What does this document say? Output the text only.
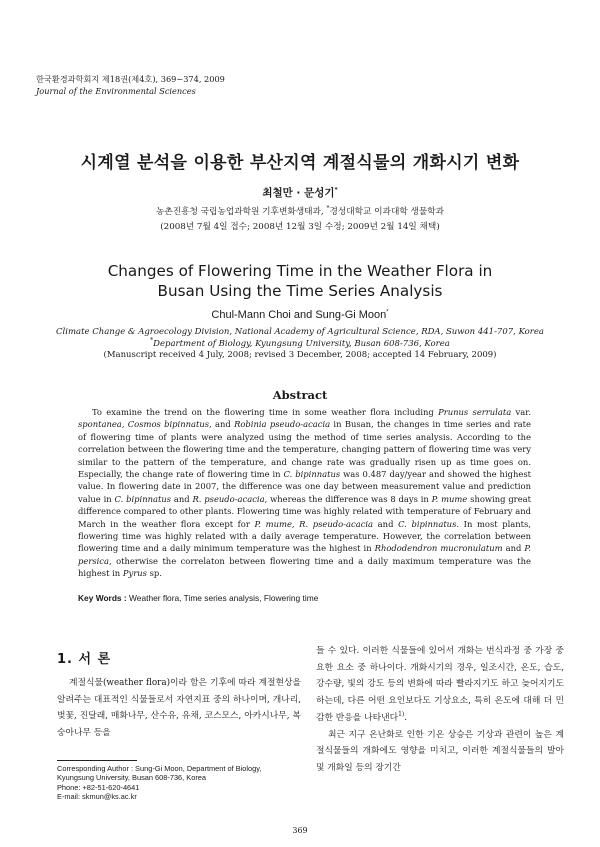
한국환경과학회지 제18권(제4호), 369∼374, 2009
Journal of the Environmental Sciences
시계열 분석을 이용한 부산지역 계절식물의 개화시기 변화
최철만 · 문성기*
농촌진흥청 국립농업과학원 기후변화생태과, *경성대학교 이과대학 생물학과
(2008년 7월 4일 접수; 2008년 12월 3일 수정; 2009년 2월 14일 채택)
Changes of Flowering Time in the Weather Flora in
Busan Using the Time Series Analysis
Chul-Mann Choi and Sung-Gi Moon*
Climate Change & Agroecology Division, National Academy of Agricultural Science, RDA, Suwon 441-707, Korea
*Department of Biology, Kyungsung University, Busan 608-736, Korea
(Manuscript received 4 July, 2008; revised 3 December, 2008; accepted 14 February, 2009)
Abstract

To examine the trend on the flowering time in some weather flora including Prunus serrulata var. spontanea, Cosmos bipinnatus, and Robinia pseudo-acacia in Busan, the changes in time series and rate of flowering time of plants were analyzed using the method of time series analysis. According to the correlation between the flowering time and the temperature, changing pattern of flowering time was very similar to the pattern of the temperature, and change rate was gradually risen up as time goes on. Especially, the change rate of flowering time in C. bipinnatus was 0.487 day/year and showed the highest value. In flowering date in 2007, the difference was one day between measurement value and prediction value in C. bipinnatus and R. pseudo-acacia, whereas the difference was 8 days in P. mume showing great difference compared to other plants. Flowering time was highly related with temperature of February and March in the weather flora except for P. mume, R. pseudo-acacia and C. bipinnatus. In most plants, flowering time was highly related with a daily average temperature. However, the correlation between flowering time and a daily minimum temperature was the highest in Rhododendron mucronulatum and P. persica, otherwise the correlaton between flowering time and a daily maximum temperature was the highest in Pyrus sp.

Key Words : Weather flora, Time series analysis, Flowering time
1. 서 론

계절식물(weather flora)이라 함은 기후에 따라 계절현상을 알려주는 대표적인 식물들로서 자연지표 중의 하나이며, 개나리, 벚꽃, 진달래, 매화나무, 산수유, 유채, 코스모스, 아카시나무, 복숭아나무 등을

들 수 있다. 이러한 식물들에 있어서 개화는 번식과정 중 가장 중요한 요소 중 하나이다. 개화시기의 경우, 일조시간, 온도, 습도, 강수량, 빛의 강도 등의 변화에 따라 빨라지기도 하고 늦어지기도 하는데, 다른 어떤 요인보다도 기상요소, 특히 온도에 대해 더 민감한 반응을 나타낸다$^{1)}$.

최근 지구 온난화로 인한 기온 상승은 기상과 관련이 높은 계절식물들의 개화에도 영향을 미치고, 이러한 계절식물들의 발아 및 개화일 등의 장기간

Corresponding Author : Sung-Gi Moon, Department of Biology,
Kyungsung University, Busan 608-736, Korea
Phone: +82-51-620-4641
E-mail: skmun@ks.ac.kr
369
